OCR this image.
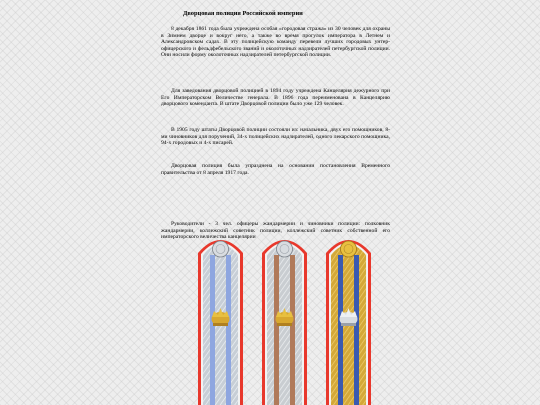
Дворцовая полиция Российской империи

8 декабря 1861 года была учреждена особая «городовая стража» из 30 человек для охраны в Зимнем дворце и вокруг него, а также во время прогулок императора в Летнем и Александровском садах. В эту полицейскую команду перевели лучших городовых унтер-офицерского и фельдфебельского званий и околоточных надзирателей петербургской полиции. Они носили форму околоточных надзирателей петербургской полиции.

Для заведования дворцовой полицией в 1894 году учреждена Канцелярия дежурного при Его Императорском Величестве генерала. В 1896 года переименована в Канцелярию дворцового коменданта. В штате Дворцовой полиции было уже 129 человек.

В 1905 году штаты Дворцовой полиции состояли из: начальника, двух его помощников, 8-ми чиновников для поручений, 34-х полицейских надзирателей, одного лекарского помощника, 94-х городовых и 4-х писарей.

Дворцовая полиция была упразднена на основании постановления Временного правительства от 8 апреля 1917 года.

Руководители - 3 чел. офицеры жандармерии и чиновники полиции: полковник жандармерии, коллежский советник полиции, коллежский советник собственной его императорского величества канцелярии
